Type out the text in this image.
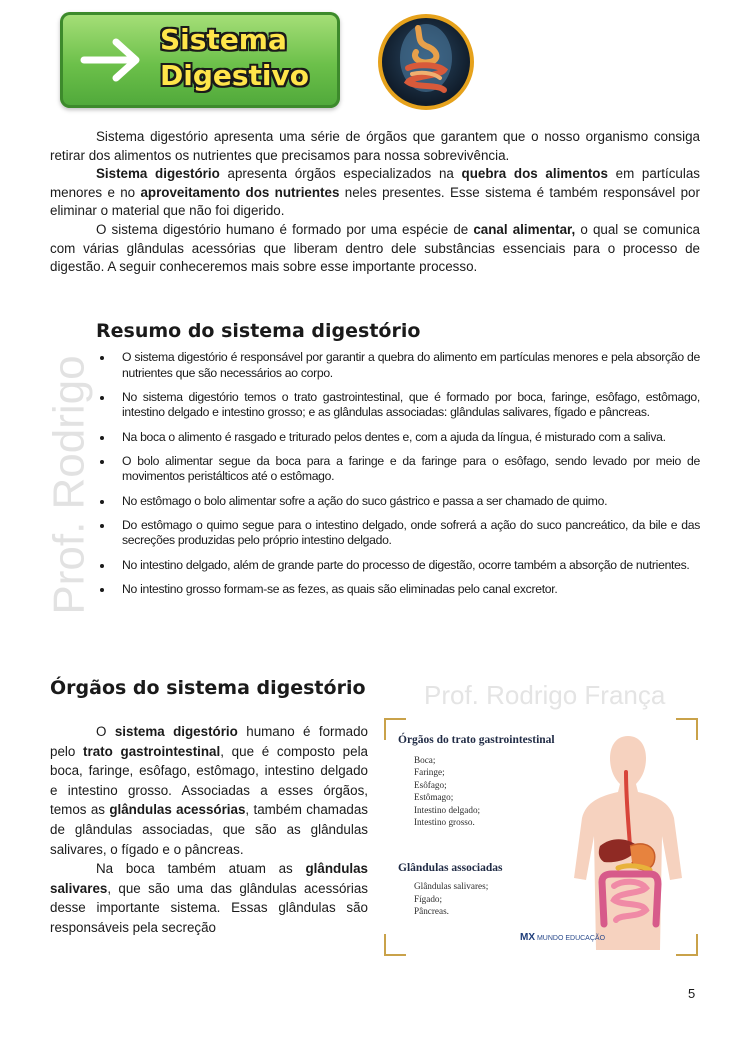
Sistema
Digestivo
Prof. Rodrigo
Prof. Rodrigo França

Sistema digestório apresenta uma série de órgãos que garantem que o nosso organismo consiga retirar dos alimentos os nutrientes que precisamos para nossa sobrevivência.

Sistema digestório apresenta órgãos especializados na quebra dos alimentos em partículas menores e no aproveitamento dos nutrientes neles presentes. Esse sistema é também responsável por eliminar o material que não foi digerido.

O sistema digestório humano é formado por uma espécie de canal alimentar, o qual se comunica com várias glândulas acessórias que liberam dentro dele substâncias essenciais para o processo de digestão. A seguir conheceremos mais sobre esse importante processo.

Resumo do sistema digestório
O sistema digestório é responsável por garantir a quebra do alimento em partículas menores e pela absorção de nutrientes que são necessários ao corpo.
No sistema digestório temos o trato gastrointestinal, que é formado por boca, faringe, esôfago, estômago, intestino delgado e intestino grosso; e as glândulas associadas: glândulas salivares, fígado e pâncreas.
Na boca o alimento é rasgado e triturado pelos dentes e, com a ajuda da língua, é misturado com a saliva.
O bolo alimentar segue da boca para a faringe e da faringe para o esôfago, sendo levado por meio de movimentos peristálticos até o estômago.
No estômago o bolo alimentar sofre a ação do suco gástrico e passa a ser chamado de quimo.
Do estômago o quimo segue para o intestino delgado, onde sofrerá a ação do suco pancreático, da bile e das secreções produzidas pelo próprio intestino delgado.
No intestino delgado, além de grande parte do processo de digestão, ocorre também a absorção de nutrientes.
No intestino grosso formam-se as fezes, as quais são eliminadas pelo canal excretor.
Órgãos do sistema digestório

O sistema digestório humano é formado pelo trato gastrointestinal, que é composto pela boca, faringe, esôfago, estômago, intestino delgado e intestino grosso. Associadas a esses órgãos, temos as glândulas acessórias, também chamadas de glândulas associadas, que são as glândulas salivares, o fígado e o pâncreas.

Na boca também atuam as glândulas salivares, que são uma das glândulas acessórias desse importante sistema. Essas glândulas são responsáveis pela secreção

Órgãos do trato gastrointestinal
Boca;
Faringe;
Esôfago;
Estômago;
Intestino delgado;
Intestino grosso.
Glândulas associadas
Glândulas salivares;
Fígado;
Pâncreas.
MX MUNDO EDUCAÇÃO
5
